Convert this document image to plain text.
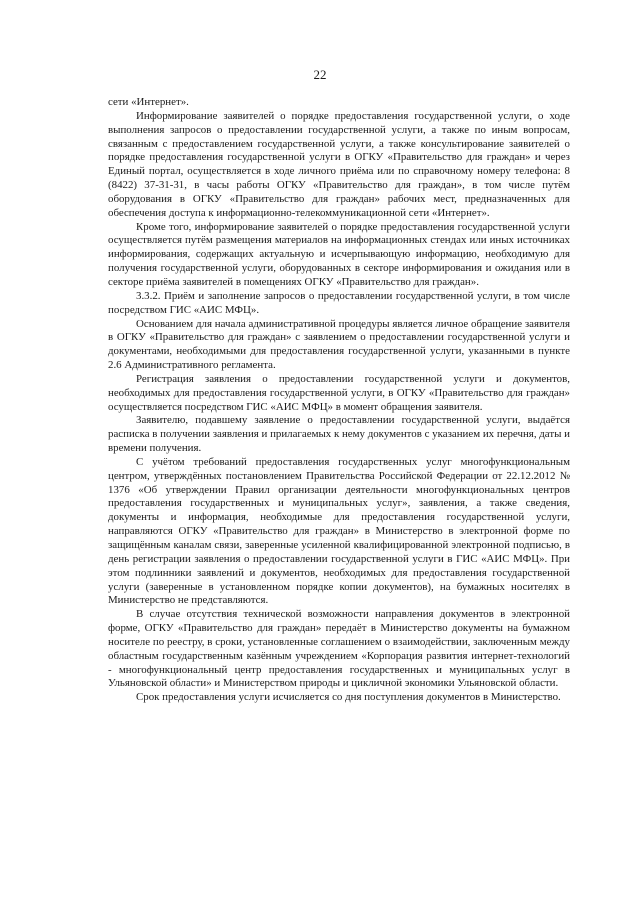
22

сети «Интернет».

Информирование заявителей о порядке предоставления государственной услуги, о ходе выполнения запросов о предоставлении государственной услуги, а также по иным вопросам, связанным с предоставлением государственной услуги, а также консультирование заявителей о порядке предоставления государственной услуги в ОГКУ «Правительство для граждан» и через Единый портал, осуществляется в ходе личного приёма или по справочному номеру телефона: 8 (8422) 37-31-31, в часы работы ОГКУ «Правительство для граждан», в том числе путём оборудования в ОГКУ «Правительство для граждан» рабочих мест, предназначенных для обеспечения доступа к информационно-телекоммуникационной сети «Интернет».

Кроме того, информирование заявителей о порядке предоставления государственной услуги осуществляется путём размещения материалов на информационных стендах или иных источниках информирования, содержащих актуальную и исчерпывающую информацию, необходимую для получения государственной услуги, оборудованных в секторе информирования и ожидания или в секторе приёма заявителей в помещениях ОГКУ «Правительство для граждан».

3.3.2. Приём и заполнение запросов о предоставлении государственной услуги, в том числе посредством ГИС «АИС МФЦ».

Основанием для начала административной процедуры является личное обращение заявителя в ОГКУ «Правительство для граждан» с заявлением о предоставлении государственной услуги и документами, необходимыми для предоставления государственной услуги, указанными в пункте 2.6 Административного регламента.

Регистрация заявления о предоставлении государственной услуги и документов, необходимых для предоставления государственной услуги, в ОГКУ «Правительство для граждан» осуществляется посредством ГИС «АИС МФЦ» в момент обращения заявителя.

Заявителю, подавшему заявление о предоставлении государственной услуги, выдаётся расписка в получении заявления и прилагаемых к нему документов с указанием их перечня, даты и времени получения.

С учётом требований предоставления государственных услуг многофункциональным центром, утверждённых постановлением Правительства Российской Федерации от 22.12.2012 № 1376 «Об утверждении Правил организации деятельности многофункциональных центров предоставления государственных и муниципальных услуг», заявления, а также сведения, документы и информация, необходимые для предоставления государственной услуги, направляются ОГКУ «Правительство для граждан» в Министерство в электронной форме по защищённым каналам связи, заверенные усиленной квалифицированной электронной подписью, в день регистрации заявления о предоставлении государственной услуги в ГИС «АИС МФЦ». При этом подлинники заявлений и документов, необходимых для предоставления государственной услуги (заверенные в установленном порядке копии документов), на бумажных носителях в Министерство не представляются.

В случае отсутствия технической возможности направления документов в электронной форме, ОГКУ «Правительство для граждан» передаёт в Министерство документы на бумажном носителе по реестру, в сроки, установленные соглашением о взаимодействии, заключенным между областным государственным казённым учреждением «Корпорация развития интернет-технологий - многофункциональный центр предоставления государственных и муниципальных услуг в Ульяновской области» и Министерством природы и цикличной экономики Ульяновской области.

Срок предоставления услуги исчисляется со дня поступления документов в Министерство.
